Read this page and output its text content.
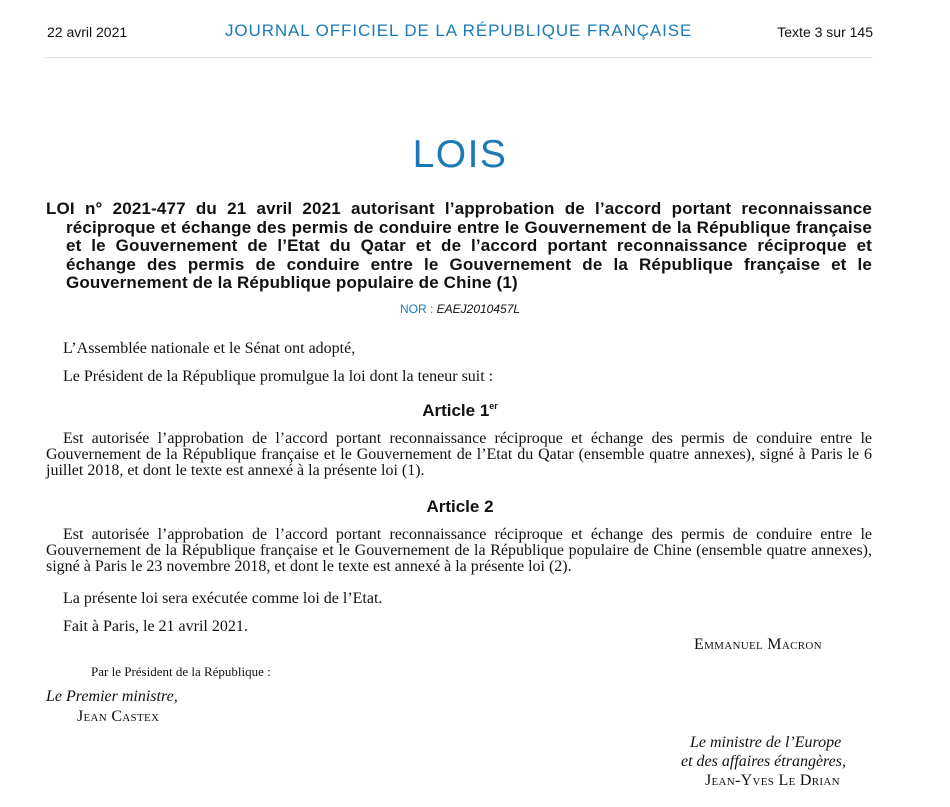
22 avril 2021	JOURNAL OFFICIEL DE LA RÉPUBLIQUE FRANÇAISE	Texte 3 sur 145
LOIS
LOI n° 2021-477 du 21 avril 2021 autorisant l’approbation de l’accord portant reconnaissance réciproque et échange des permis de conduire entre le Gouvernement de la République française et le Gouvernement de l’Etat du Qatar et de l’accord portant reconnaissance réciproque et échange des permis de conduire entre le Gouvernement de la République française et le Gouvernement de la République populaire de Chine (1)
NOR : EAEJ2010457L
L’Assemblée nationale et le Sénat ont adopté,
Le Président de la République promulgue la loi dont la teneur suit :
Article 1er
Est autorisée l’approbation de l’accord portant reconnaissance réciproque et échange des permis de conduire entre le Gouvernement de la République française et le Gouvernement de l’Etat du Qatar (ensemble quatre annexes), signé à Paris le 6 juillet 2018, et dont le texte est annexé à la présente loi (1).
Article 2
Est autorisée l’approbation de l’accord portant reconnaissance réciproque et échange des permis de conduire entre le Gouvernement de la République française et le Gouvernement de la République populaire de Chine (ensemble quatre annexes), signé à Paris le 23 novembre 2018, et dont le texte est annexé à la présente loi (2).
La présente loi sera exécutée comme loi de l’Etat.
Fait à Paris, le 21 avril 2021.
Emmanuel Macron
Par le Président de la République :
Le Premier ministre,
Jean Castex
Le ministre de l’Europe
et des affaires étrangères,
Jean-Yves Le Drian
